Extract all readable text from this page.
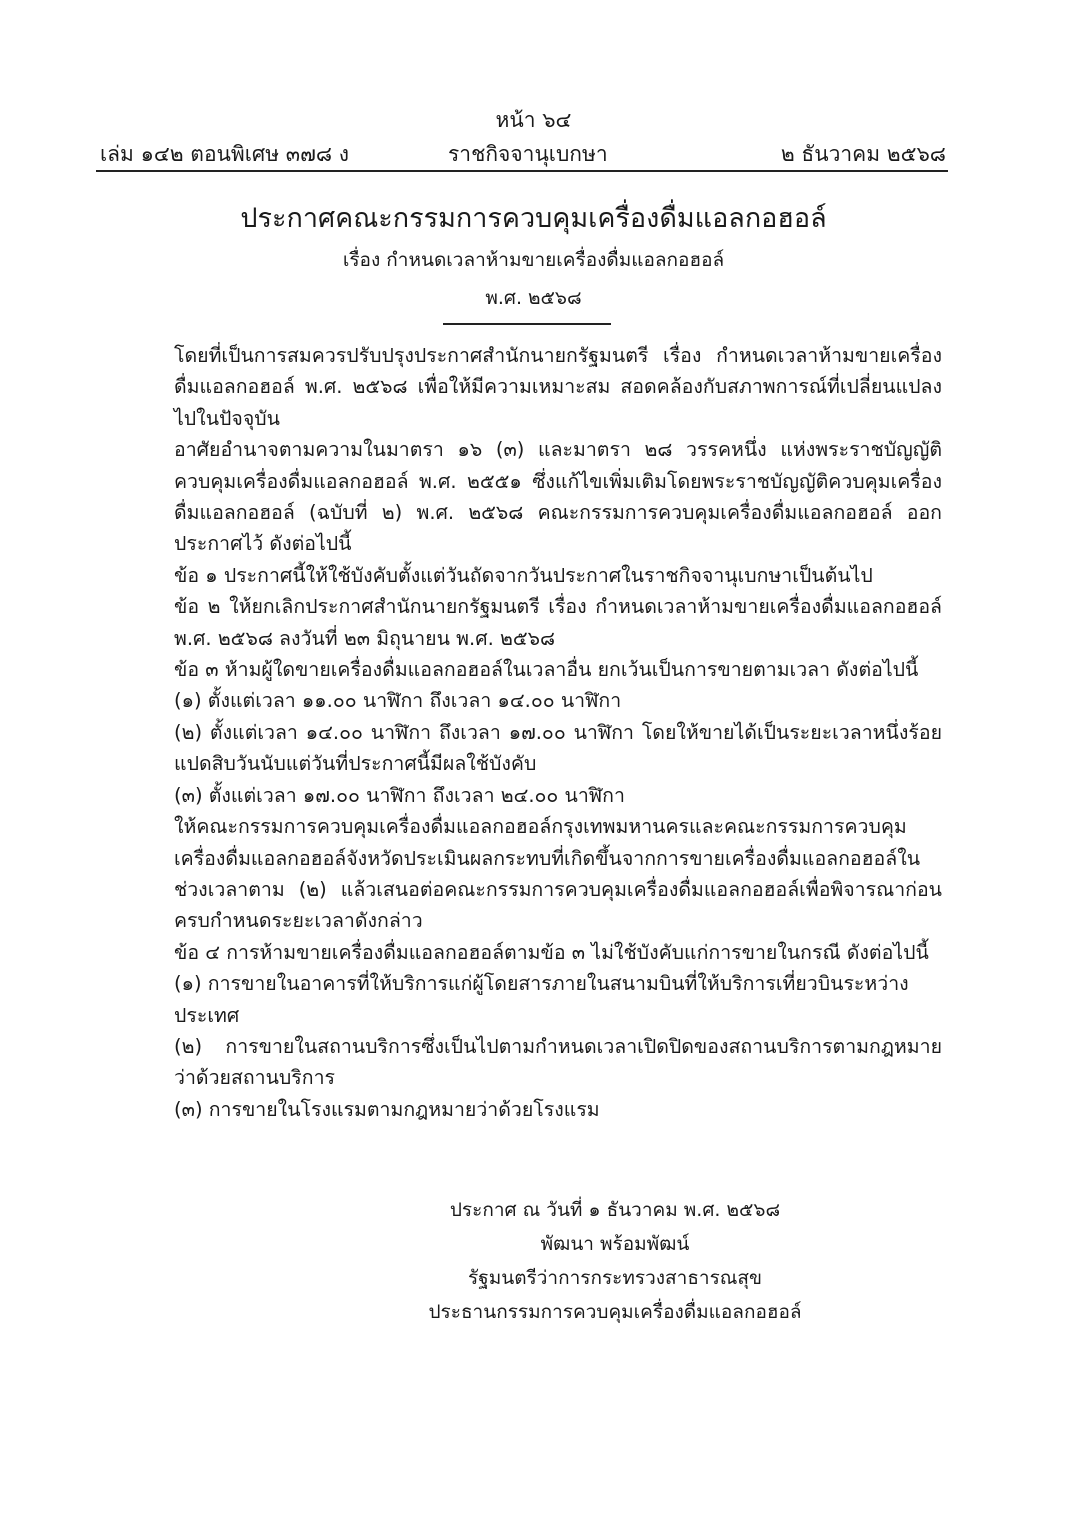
หน้า ๖๔
เล่ม ๑๔๒ ตอนพิเศษ ๓๗๘ ง	ราชกิจจานุเบกษา	๒ ธันวาคม ๒๕๖๘
ประกาศคณะกรรมการควบคุมเครื่องดื่มแอลกอฮอล์
เรื่อง กำหนดเวลาห้ามขายเครื่องดื่มแอลกอฮอล์
พ.ศ. ๒๕๖๘

โดยที่เป็นการสมควรปรับปรุงประกาศสำนักนายกรัฐมนตรี เรื่อง กำหนดเวลาห้ามขายเครื่องดื่มแอลกอฮอล์ พ.ศ. ๒๕๖๘ เพื่อให้มีความเหมาะสม สอดคล้องกับสภาพการณ์ที่เปลี่ยนแปลงไปในปัจจุบัน

อาศัยอำนาจตามความในมาตรา ๑๖ (๓) และมาตรา ๒๘ วรรคหนึ่ง แห่งพระราชบัญญัติควบคุมเครื่องดื่มแอลกอฮอล์ พ.ศ. ๒๕๕๑ ซึ่งแก้ไขเพิ่มเติมโดยพระราชบัญญัติควบคุมเครื่องดื่มแอลกอฮอล์ (ฉบับที่ ๒) พ.ศ. ๒๕๖๘ คณะกรรมการควบคุมเครื่องดื่มแอลกอฮอล์ ออกประกาศไว้ ดังต่อไปนี้

ข้อ ๑ ประกาศนี้ให้ใช้บังคับตั้งแต่วันถัดจากวันประกาศในราชกิจจานุเบกษาเป็นต้นไป

ข้อ ๒ ให้ยกเลิกประกาศสำนักนายกรัฐมนตรี เรื่อง กำหนดเวลาห้ามขายเครื่องดื่มแอลกอฮอล์ พ.ศ. ๒๕๖๘ ลงวันที่ ๒๓ มิถุนายน พ.ศ. ๒๕๖๘

ข้อ ๓ ห้ามผู้ใดขายเครื่องดื่มแอลกอฮอล์ในเวลาอื่น ยกเว้นเป็นการขายตามเวลา ดังต่อไปนี้

(๑) ตั้งแต่เวลา ๑๑.๐๐ นาฬิกา ถึงเวลา ๑๔.๐๐ นาฬิกา

(๒) ตั้งแต่เวลา ๑๔.๐๐ นาฬิกา ถึงเวลา ๑๗.๐๐ นาฬิกา โดยให้ขายได้เป็นระยะเวลาหนึ่งร้อยแปดสิบวันนับแต่วันที่ประกาศนี้มีผลใช้บังคับ

(๓) ตั้งแต่เวลา ๑๗.๐๐ นาฬิกา ถึงเวลา ๒๔.๐๐ นาฬิกา

ให้คณะกรรมการควบคุมเครื่องดื่มแอลกอฮอล์กรุงเทพมหานครและคณะกรรมการควบคุมเครื่องดื่มแอลกอฮอล์จังหวัดประเมินผลกระทบที่เกิดขึ้นจากการขายเครื่องดื่มแอลกอฮอล์ในช่วงเวลาตาม (๒) แล้วเสนอต่อคณะกรรมการควบคุมเครื่องดื่มแอลกอฮอล์เพื่อพิจารณาก่อนครบกำหนดระยะเวลาดังกล่าว

ข้อ ๔ การห้ามขายเครื่องดื่มแอลกอฮอล์ตามข้อ ๓ ไม่ใช้บังคับแก่การขายในกรณี ดังต่อไปนี้

(๑) การขายในอาคารที่ให้บริการแก่ผู้โดยสารภายในสนามบินที่ให้บริการเที่ยวบินระหว่างประเทศ

(๒) การขายในสถานบริการซึ่งเป็นไปตามกำหนดเวลาเปิดปิดของสถานบริการตามกฎหมายว่าด้วยสถานบริการ

(๓) การขายในโรงแรมตามกฎหมายว่าด้วยโรงแรม

ประกาศ ณ วันที่ ๑ ธันวาคม พ.ศ. ๒๕๖๘
พัฒนา พร้อมพัฒน์
รัฐมนตรีว่าการกระทรวงสาธารณสุข
ประธานกรรมการควบคุมเครื่องดื่มแอลกอฮอล์
